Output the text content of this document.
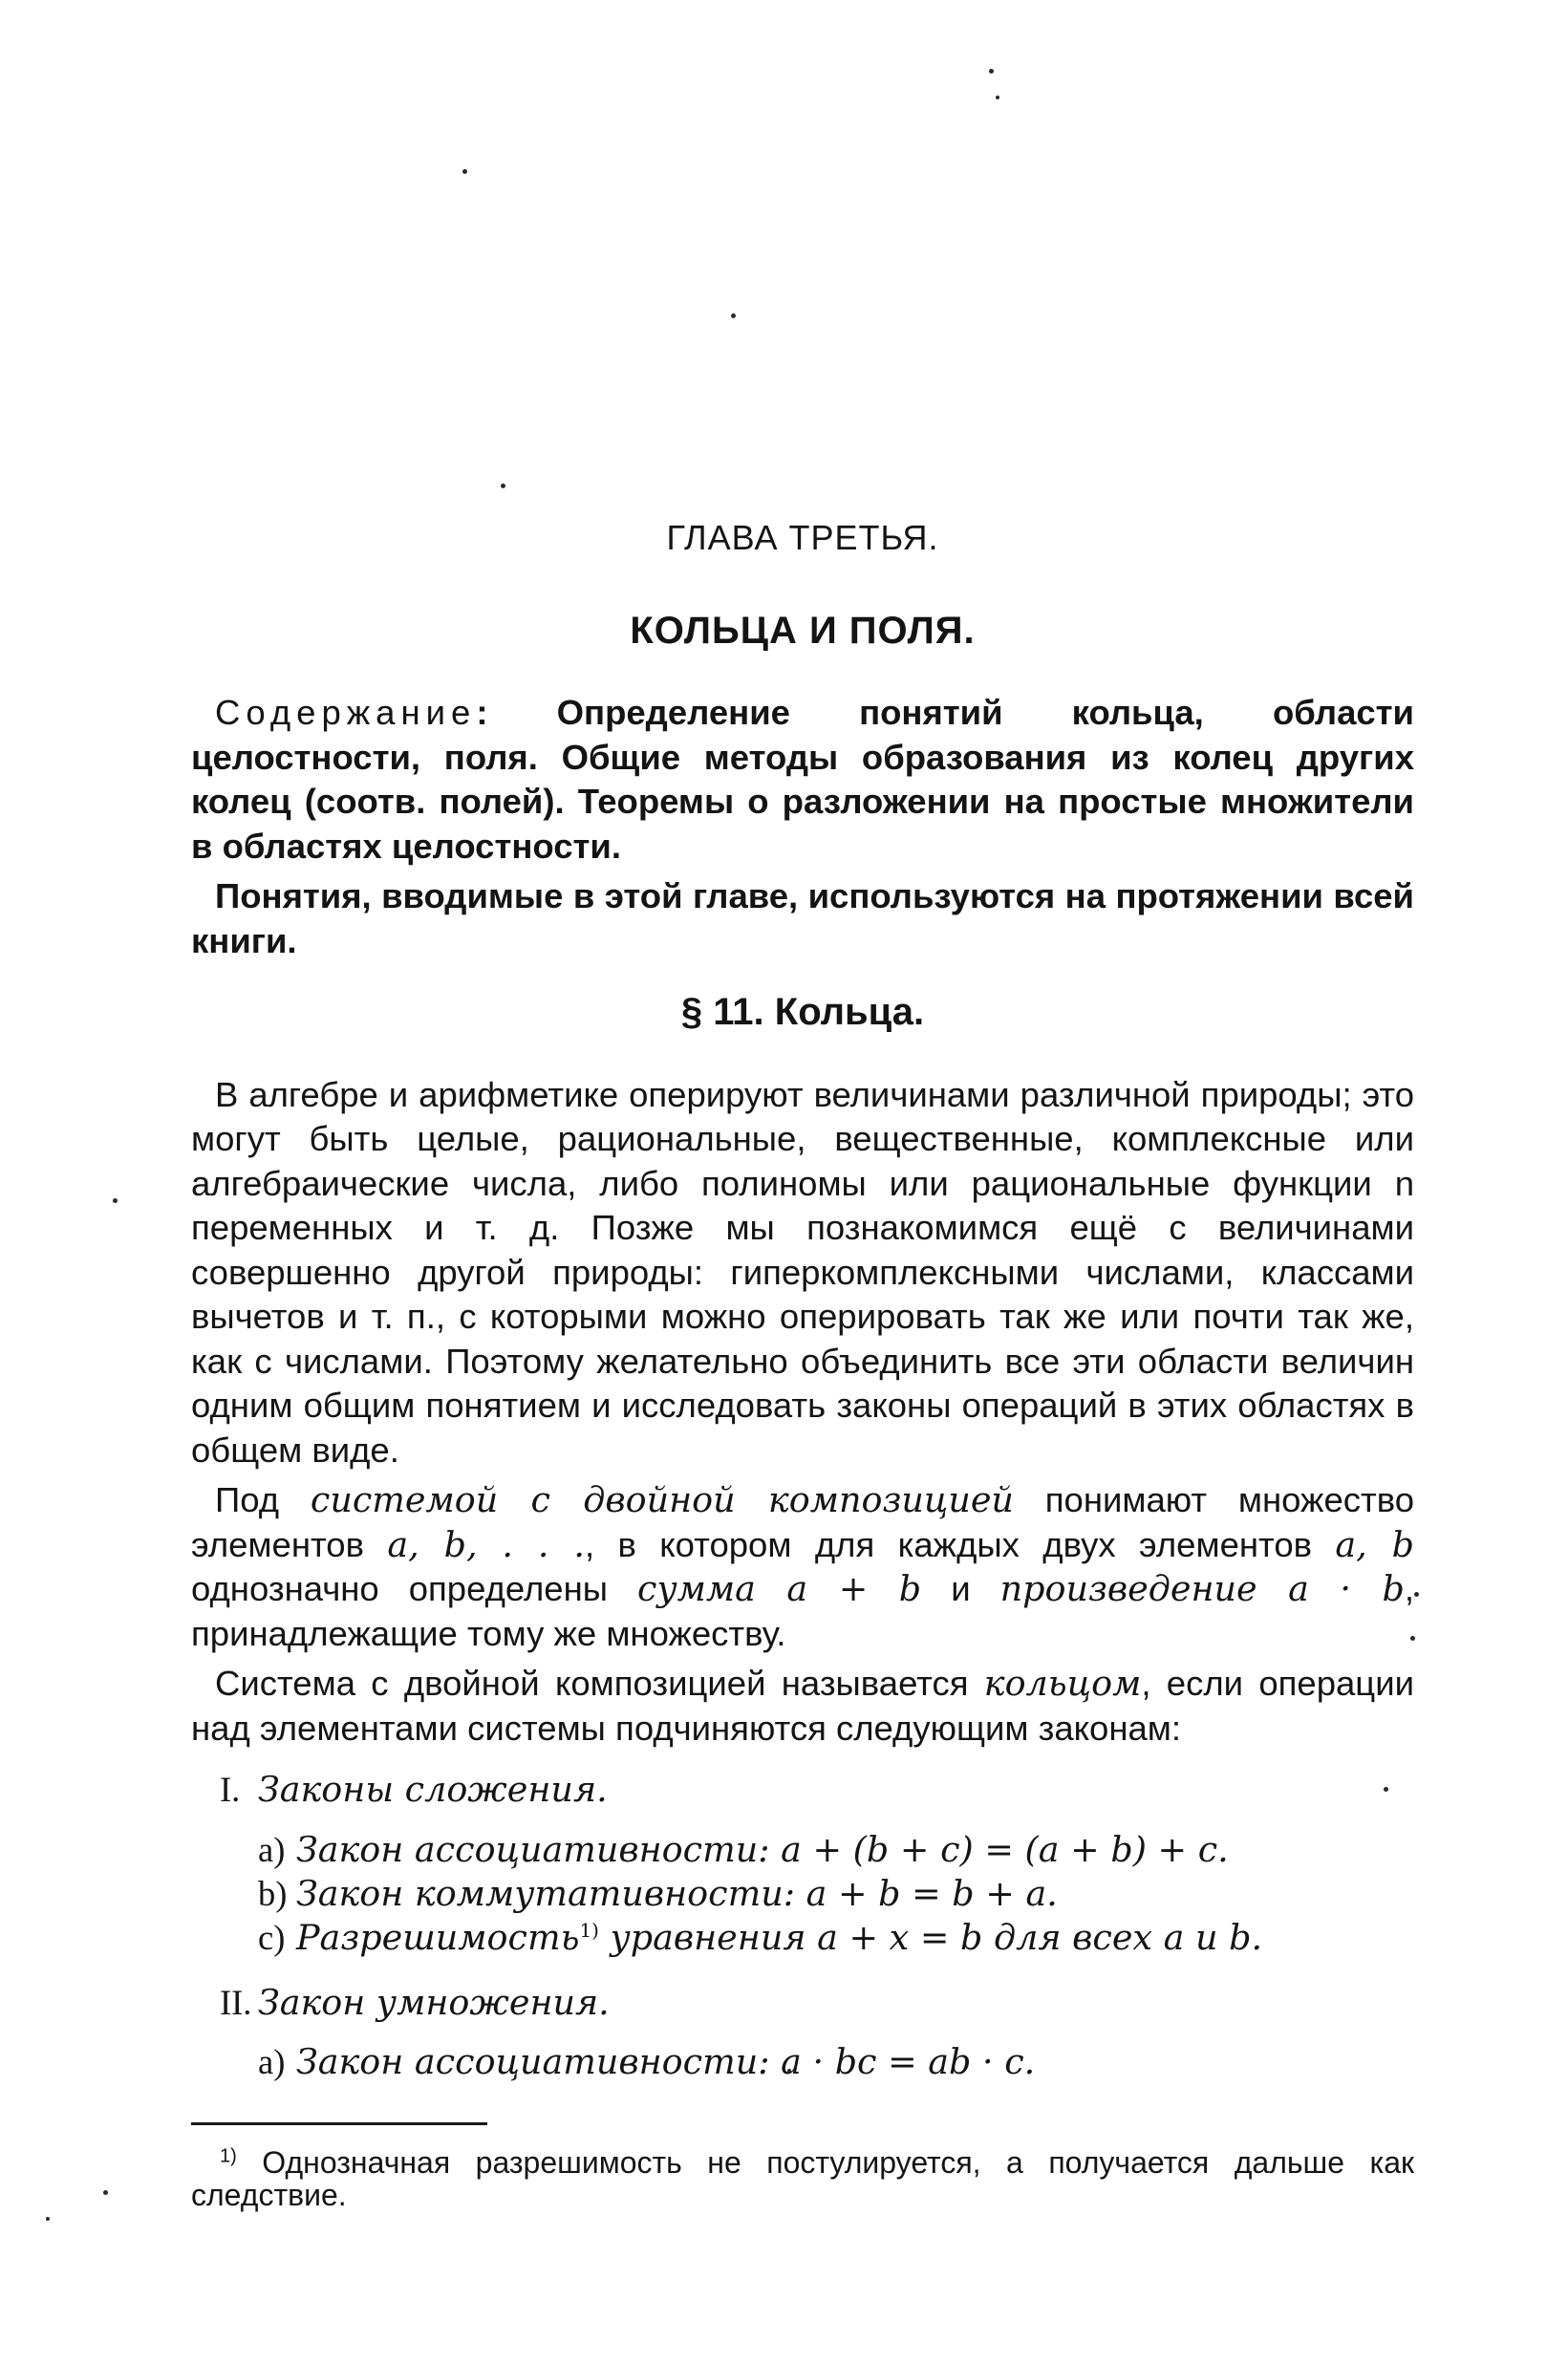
ГЛАВА ТРЕТЬЯ.
КОЛЬЦА И ПОЛЯ.

Содержание: Определение понятий кольца, области целостности, поля. Общие методы образования из колец других колец (соотв. полей). Теоремы о разложении на простые множители в областях целостности.

Понятия, вводимые в этой главе, используются на протяжении всей книги.

§ 11. Кольца.

В алгебре и арифметике оперируют величинами различной природы; это могут быть целые, рациональные, вещественные, комплексные или алгебраические числа, либо полиномы или рациональные функции n переменных и т. д. Позже мы познакомимся ещё с величинами совершенно другой природы: гиперкомплексными числами, классами вычетов и т. п., с которыми можно оперировать так же или почти так же, как с числами. Поэтому желательно объединить все эти области величин одним общим понятием и исследовать законы операций в этих областях в общем виде.

Под системой с двойной композицией понимают множество элементов a, b, . . ., в котором для каждых двух элементов a, b однозначно определены сумма a + b и произведение a · b, принадлежащие тому же множеству.

Система с двойной композицией называется кольцом, если операции над элементами системы подчиняются следующим законам:

I. Законы сложения.
a) Закон ассоциативности: a + (b + c) = (a + b) + c.
b) Закон коммутативности: a + b = b + a.
c) Разрешимость$^{1)}$ уравнения a + x = b для всех a и b.
II. Закон умножения.
a) Закон ассоциативности: a · bc = ab · c.

$^{1)}$ Однозначная разрешимость не постулируется, а получается дальше как следствие.
